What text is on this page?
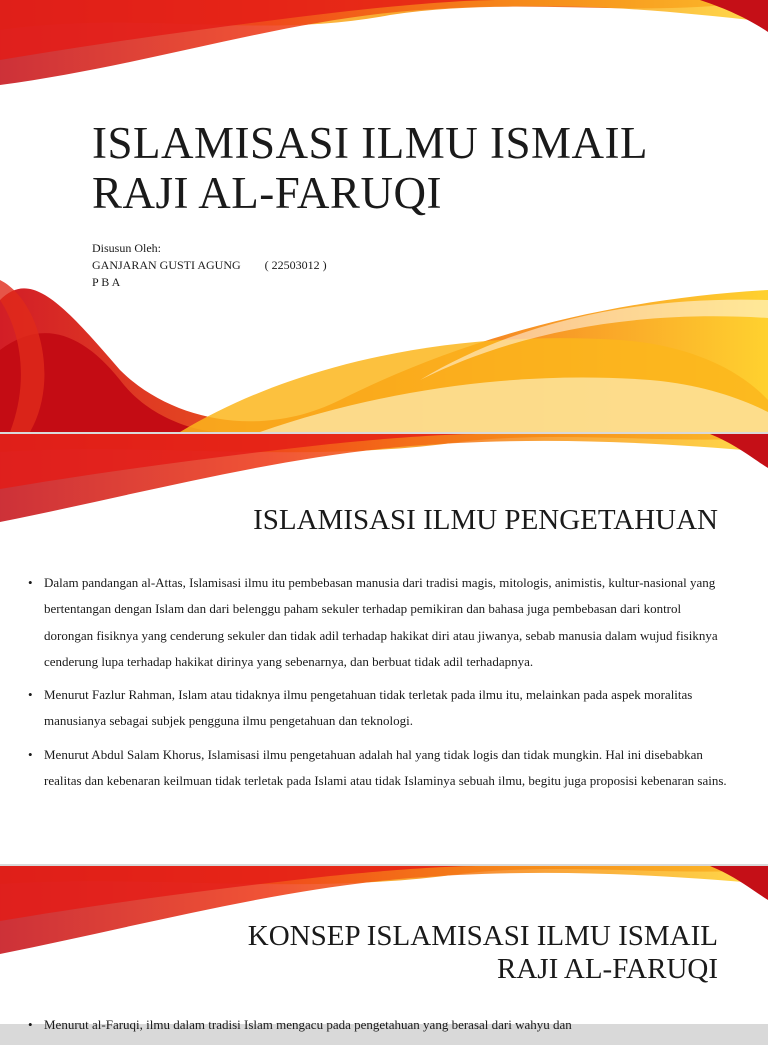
ISLAMISASI ILMU ISMAIL
RAJI AL-FARUQI
Disusun Oleh:
GANJARAN GUSTI AGUNG ( 22503012 )
P B A
ISLAMISASI ILMU PENGETAHUAN
• Dalam pandangan al-Attas, Islamisasi ilmu itu pembebasan manusia dari tradisi magis, mitologis, animistis, kultur-nasional yang bertentangan dengan Islam dan dari belenggu paham sekuler terhadap pemikiran dan bahasa juga pembebasan dari kontrol dorongan fisiknya yang cenderung sekuler dan tidak adil terhadap hakikat diri atau jiwanya, sebab manusia dalam wujud fisiknya cenderung lupa terhadap hakikat dirinya yang sebenarnya, dan berbuat tidak adil terhadapnya.
• Menurut Fazlur Rahman, Islam atau tidaknya ilmu pengetahuan tidak terletak pada ilmu itu, melainkan pada aspek moralitas manusianya sebagai subjek pengguna ilmu pengetahuan dan teknologi.
• Menurut Abdul Salam Khorus, Islamisasi ilmu pengetahuan adalah hal yang tidak logis dan tidak mungkin. Hal ini disebabkan realitas dan kebenaran keilmuan tidak terletak pada Islami atau tidak Islaminya sebuah ilmu, begitu juga proposisi kebenaran sains.
KONSEP ISLAMISASI ILMU ISMAIL
RAJI AL-FARUQI
• Menurut al-Faruqi, ilmu dalam tradisi Islam mengacu pada pengetahuan yang berasal dari wahyu dan
